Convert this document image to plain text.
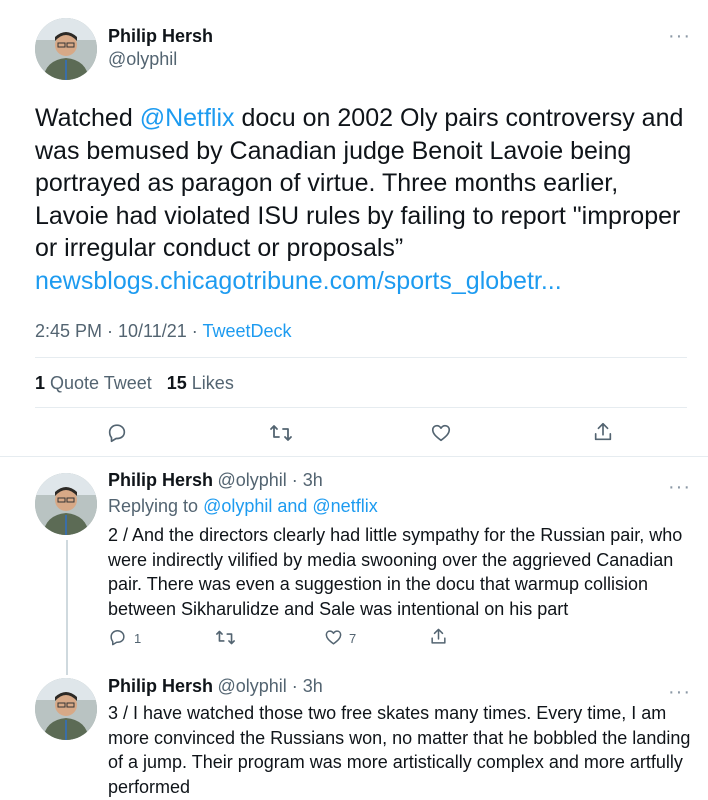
Philip Hersh
@olyphil
···
Watched @Netflix docu on 2002 Oly pairs controversy and was bemused by Canadian judge Benoit Lavoie being portrayed as paragon of virtue. Three months earlier, Lavoie had violated ISU rules by failing to report "improper or irregular conduct or proposals” newsblogs.chicagotribune.com/sports_globetr...
2:45 PM · 10/11/21 · TweetDeck
1 Quote Tweet 15 Likes
Philip Hersh @olyphil · 3h	···
Replying to @olyphil and @netflix
2 / And the directors clearly had little sympathy for the Russian pair, who were indirectly vilified by media swooning over the aggrieved Canadian pair. There was even a suggestion in the docu that warmup collision between Sikharulidze and Sale was intentional on his part
1	7
Philip Hersh @olyphil · 3h	···
3 / I have watched those two free skates many times. Every time, I am more convinced the Russians won, no matter that he bobbled the landing of a jump. Their program was more artistically complex and more artfully performed
